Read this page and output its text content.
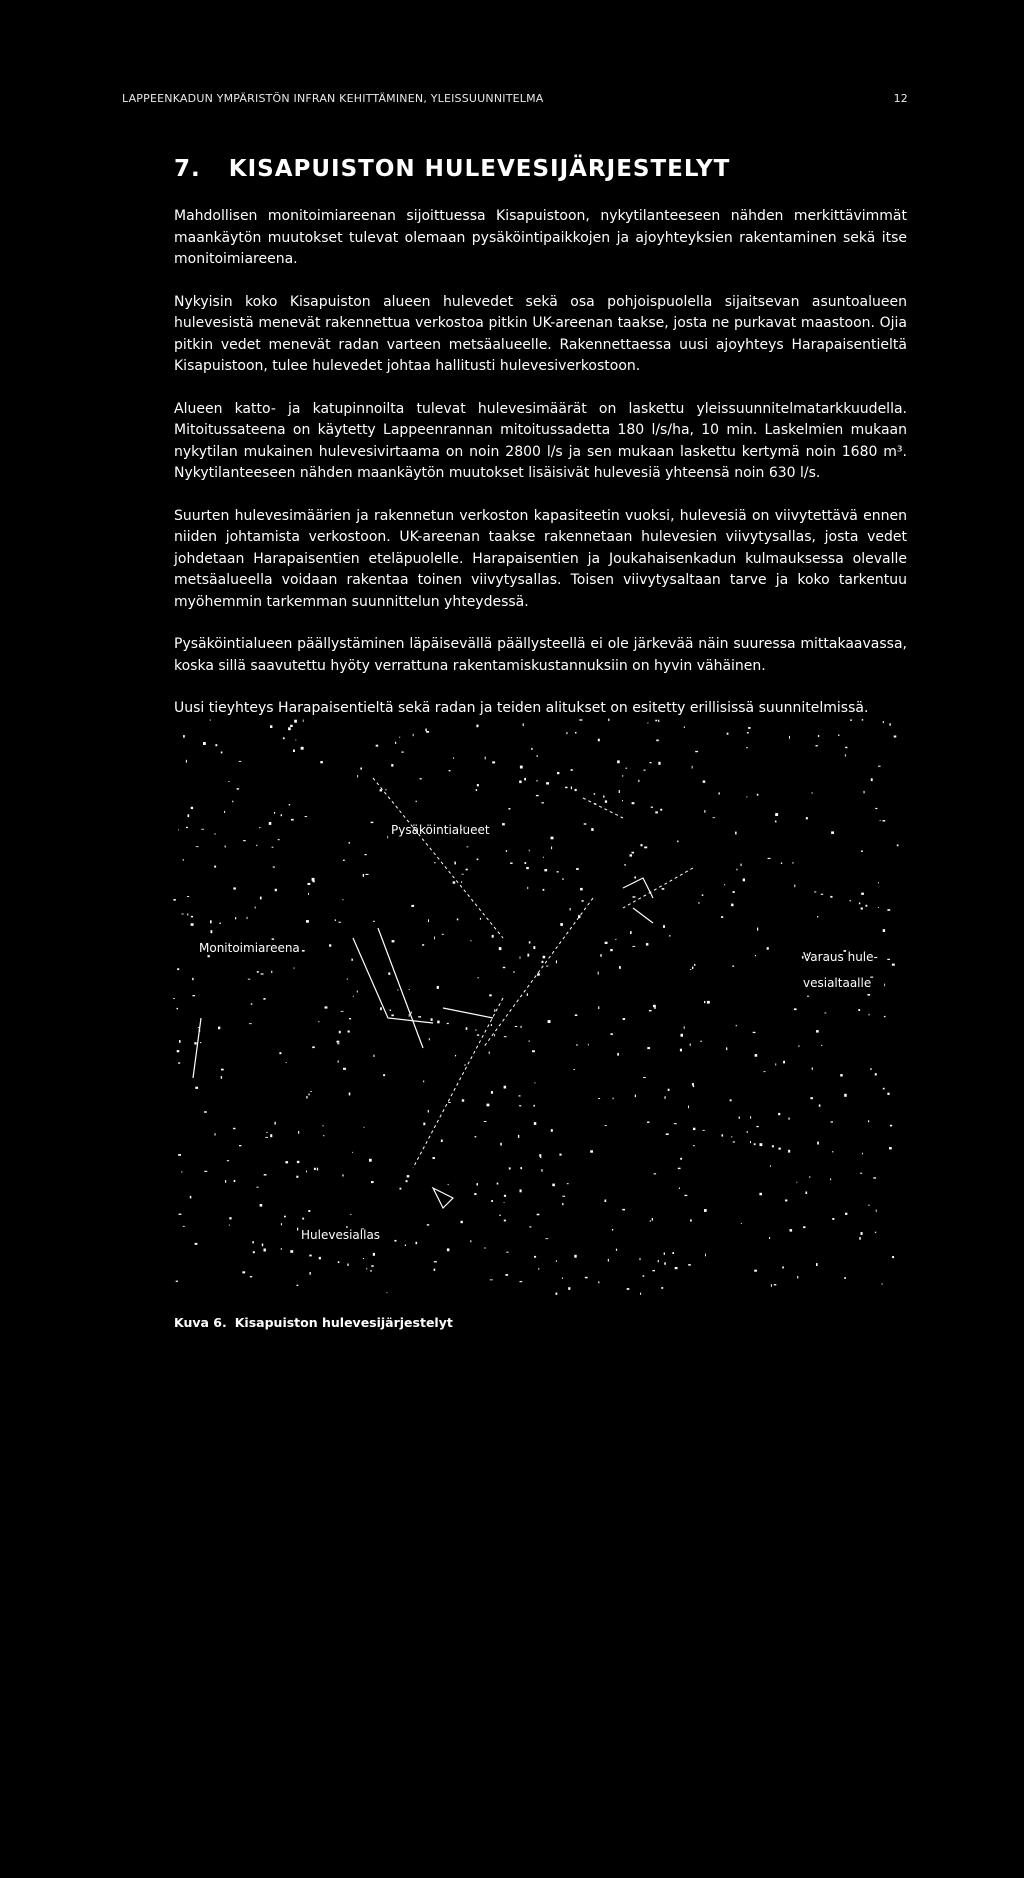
LAPPEENKADUN YMPÄRISTÖN INFRAN KEHITTÄMINEN, YLEISSUUNNITELMA	12
7. KISAPUISTON HULEVESIJÄRJESTELYT

Mahdollisen monitoimiareenan sijoittuessa Kisapuistoon, nykytilanteeseen nähden merkittävimmät maankäytön muutokset tulevat olemaan pysäköintipaikkojen ja ajoyhteyksien rakentaminen sekä itse monitoimiareena.

Nykyisin koko Kisapuiston alueen hulevedet sekä osa pohjoispuolella sijaitsevan asuntoalueen hulevesistä menevät rakennettua verkostoa pitkin UK-areenan taakse, josta ne purkavat maastoon. Ojia pitkin vedet menevät radan varteen metsäalueelle. Rakennettaessa uusi ajoyhteys Harapaisentieltä Kisapuistoon, tulee hulevedet johtaa hallitusti hulevesiverkostoon.

Alueen katto- ja katupinnoilta tulevat hulevesimäärät on laskettu yleissuunnitelmatarkkuudella. Mitoitussateena on käytetty Lappeenrannan mitoitussadetta 180 l/s/ha, 10 min. Laskelmien mukaan nykytilan mukainen hulevesivirtaama on noin 2800 l/s ja sen mukaan laskettu kertymä noin 1680 m³. Nykytilanteeseen nähden maankäytön muutokset lisäisivät hulevesiä yhteensä noin 630 l/s.

Suurten hulevesimäärien ja rakennetun verkoston kapasiteetin vuoksi, hulevesiä on viivytettävä ennen niiden johtamista verkostoon. UK-areenan taakse rakennetaan hulevesien viivytysallas, josta vedet johdetaan Harapaisentien eteläpuolelle. Harapaisentien ja Joukahaisenkadun kulmauksessa olevalle metsäalueella voidaan rakentaa toinen viivytysallas. Toisen viivytysaltaan tarve ja koko tarkentuu myöhemmin tarkemman suunnittelun yhteydessä.

Pysäköintialueen päällystäminen läpäisevällä päällysteellä ei ole järkevää näin suuressa mittakaavassa, koska sillä saavutettu hyöty verrattuna rakentamiskustannuksiin on hyvin vähäinen.

Uusi tieyhteys Harapaisentieltä sekä radan ja teiden alitukset on esitetty erillisissä suunnitelmissä.

Pysäköintialueet
Monitoimiareena
Varaus hule-
vesialtaalle
Hulevesiallas
Kuva 6. Kisapuiston hulevesijärjestelyt
